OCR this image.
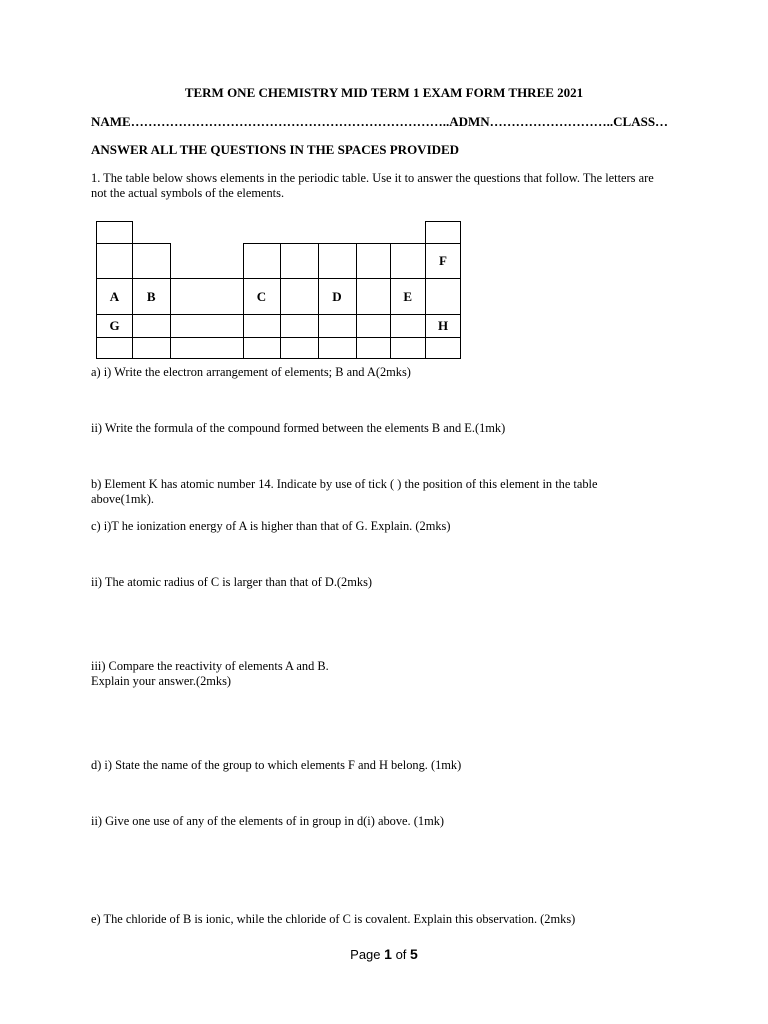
TERM ONE CHEMISTRY MID TERM 1 EXAM FORM THREE 2021
NAME………………………………………………………………..ADMN………………………..CLASS…
ANSWER ALL THE QUESTIONS IN THE SPACES PROVIDED
1. The table below shows elements in the periodic table. Use it to answer the questions that follow. The letters are not the actual symbols of the elements.

								F
A	B		C		D		E	
G								H

a) i) Write the electron arrangement of elements; B and A(2mks)
ii) Write the formula of the compound formed between the elements B and E.(1mk)
b) Element K has atomic number 14. Indicate by use of tick ( ) the position of this element in the table above(1mk).
c) i)T he ionization energy of A is higher than that of G. Explain. (2mks)
ii) The atomic radius of C is larger than that of D.(2mks)
iii) Compare the reactivity of elements A and B.
Explain your answer.(2mks)
d) i) State the name of the group to which elements F and H belong. (1mk)
ii) Give one use of any of the elements of in group in d(i) above. (1mk)
e) The chloride of B is ionic, while the chloride of C is covalent. Explain this observation. (2mks)
Page 1 of 5
